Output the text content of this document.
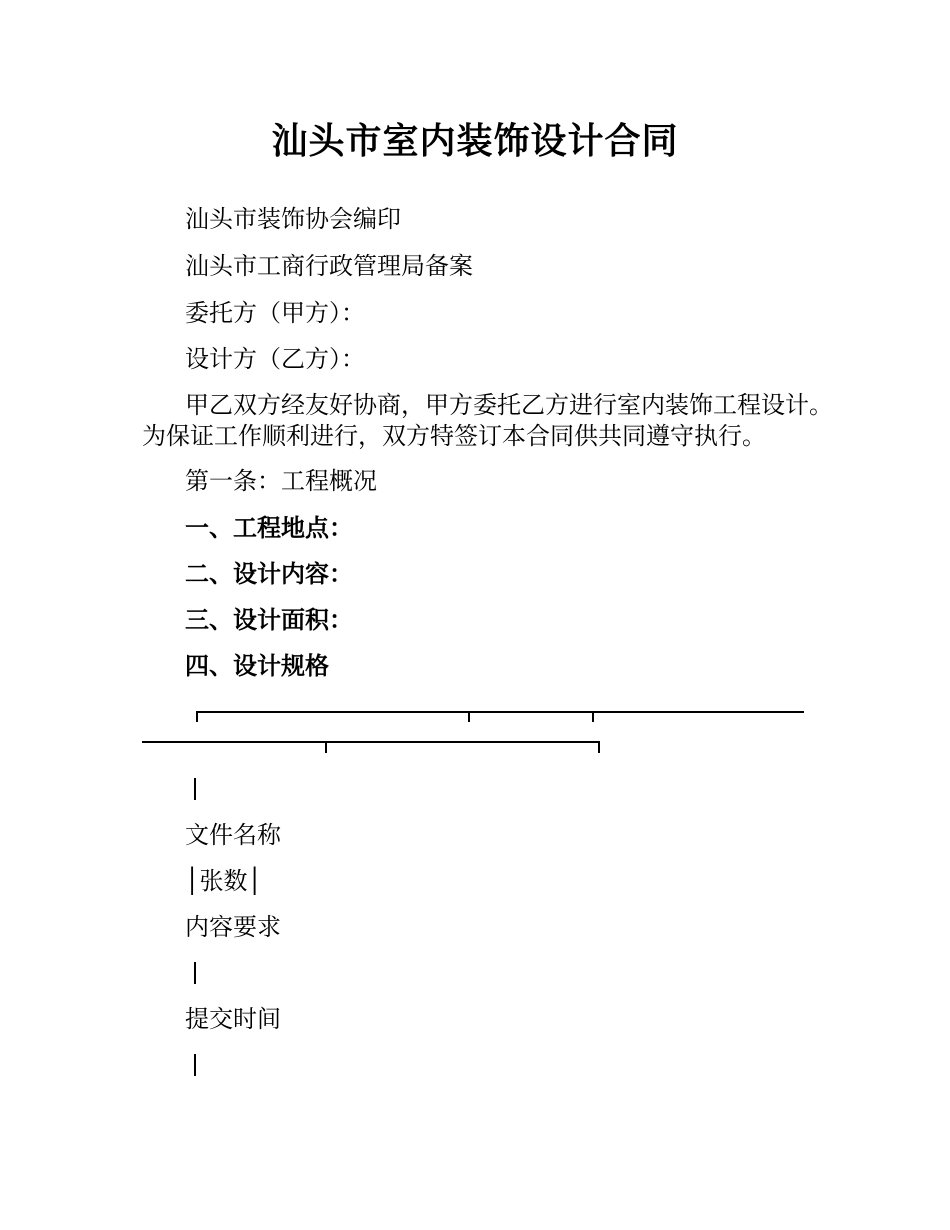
汕头市室内装饰设计合同
汕头市装饰协会编印
汕头市工商行政管理局备案
委托方（甲方）：
设计方（乙方）：
甲乙双方经友好协商，甲方委托乙方进行室内装饰工程设计。为保证工作顺利进行，双方特签订本合同供共同遵守执行。
第一条：工程概况
一、工程地点：
二、设计内容：
三、设计面积：
四、设计规格
文件名称
│张数│
内容要求
提交时间
